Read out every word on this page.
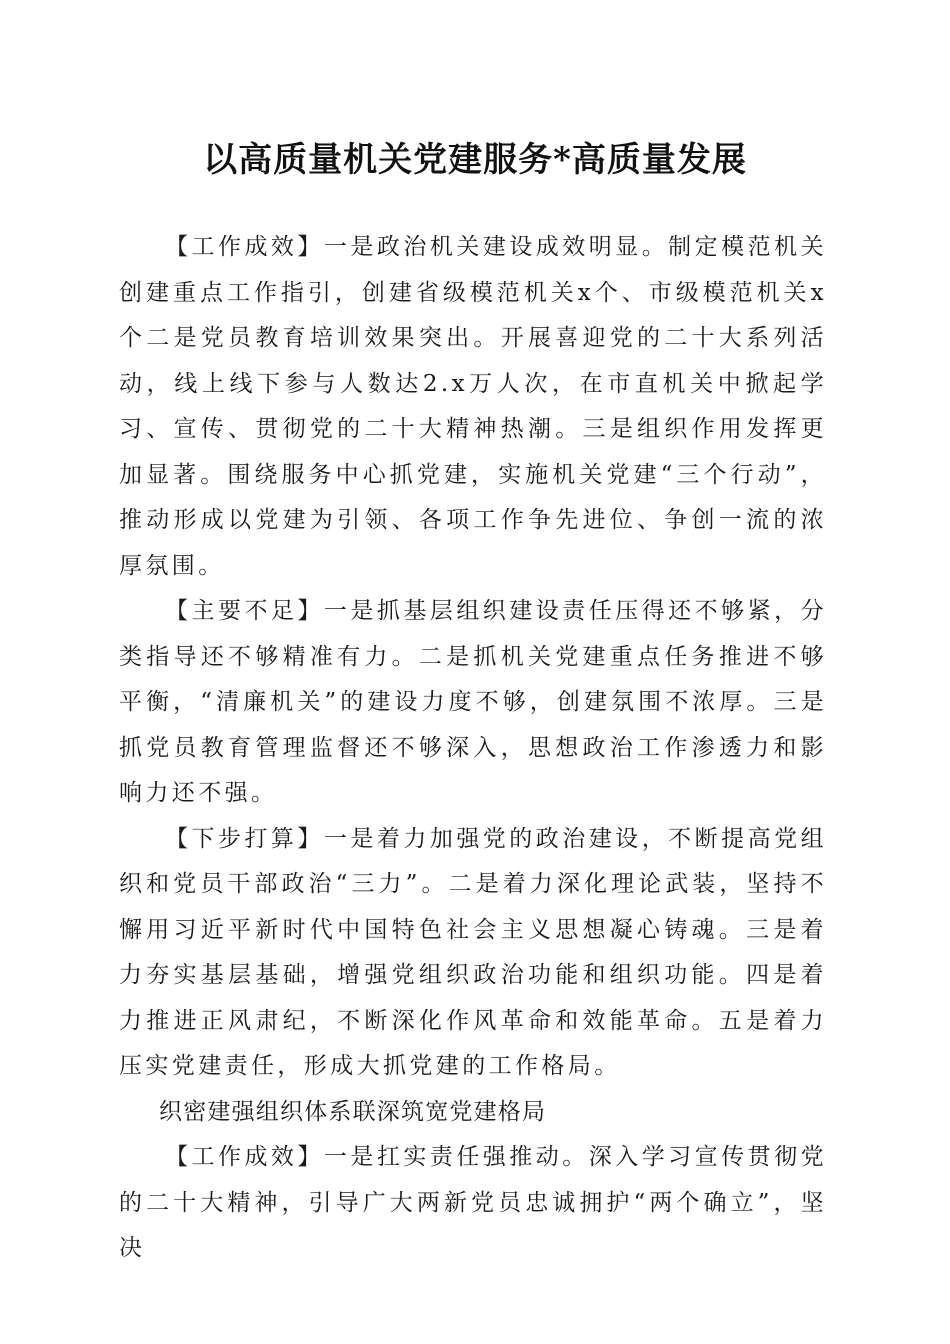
以高质量机关党建服务*高质量发展

【工作成效】一是政治机关建设成效明显。制定模范机关创建重点工作指引，创建省级模范机关x个、市级模范机关x个二是党员教育培训效果突出。开展喜迎党的二十大系列活动，线上线下参与人数达2.x万人次，在市直机关中掀起学习、宣传、贯彻党的二十大精神热潮。三是组织作用发挥更加显著。围绕服务中心抓党建，实施机关党建“三个行动”，推动形成以党建为引领、各项工作争先进位、争创一流的浓厚氛围。

【主要不足】一是抓基层组织建设责任压得还不够紧，分类指导还不够精准有力。二是抓机关党建重点任务推进不够平衡，“清廉机关”的建设力度不够，创建氛围不浓厚。三是抓党员教育管理监督还不够深入，思想政治工作渗透力和影响力还不强。

【下步打算】一是着力加强党的政治建设，不断提高党组织和党员干部政治“三力”。二是着力深化理论武装，坚持不懈用习近平新时代中国特色社会主义思想凝心铸魂。三是着力夯实基层基础，增强党组织政治功能和组织功能。四是着力推进正风肃纪，不断深化作风革命和效能革命。五是着力压实党建责任，形成大抓党建的工作格局。

织密建强组织体系联深筑宽党建格局

【工作成效】一是扛实责任强推动。深入学习宣传贯彻党的二十大精神，引导广大两新党员忠诚拥护“两个确立”，坚决
